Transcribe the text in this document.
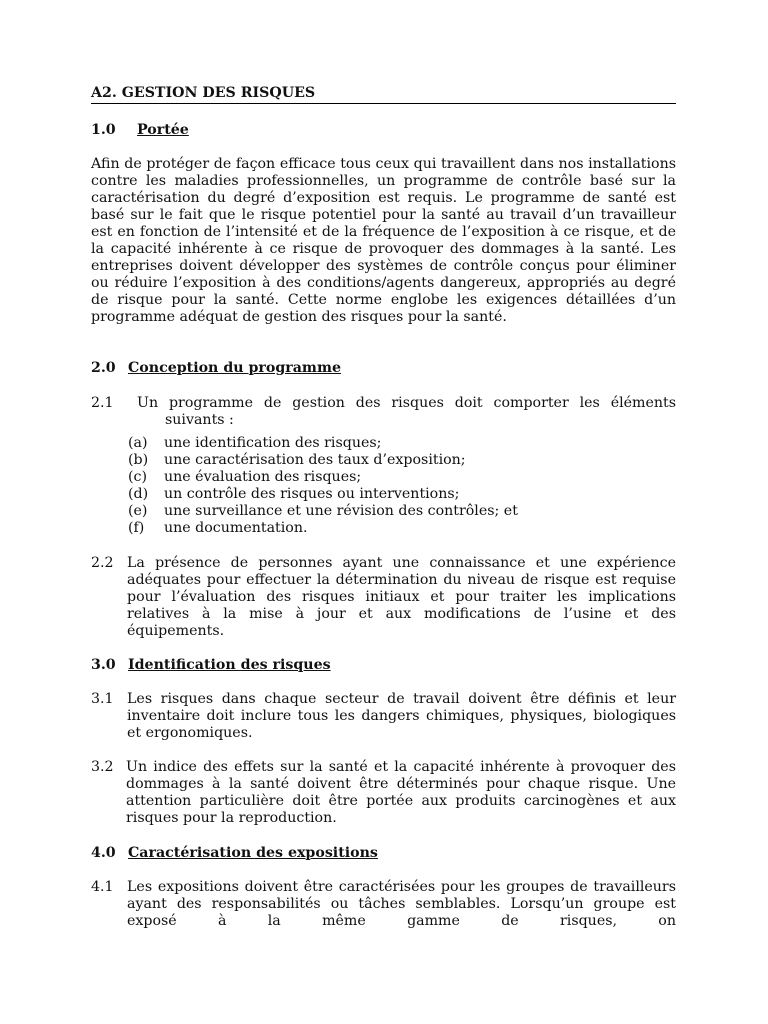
A2. GESTION DES RISQUES
1.0 Portée
Afin de protéger de façon efficace tous ceux qui travaillent dans nos installations contre les maladies professionnelles, un programme de contrôle basé sur la caractérisation du degré d’exposition est requis. Le programme de santé est basé sur le fait que le risque potentiel pour la santé au travail d’un travailleur est en fonction de l’intensité et de la fréquence de l’exposition à ce risque, et de la capacité inhérente à ce risque de provoquer des dommages à la santé. Les entreprises doivent développer des systèmes de contrôle conçus pour éliminer ou réduire l’exposition à des conditions/agents dangereux, appropriés au degré de risque pour la santé. Cette norme englobe les exigences détaillées d’un programme adéquat de gestion des risques pour la santé.
2.0 Conception du programme
2.1 Un programme de gestion des risques doit comporter les éléments suivants :
(a) une identification des risques;
(b) une caractérisation des taux d’exposition;
(c) une évaluation des risques;
(d) un contrôle des risques ou interventions;
(e) une surveillance et une révision des contrôles; et
(f) une documentation.
2.2 La présence de personnes ayant une connaissance et une expérience adéquates pour effectuer la détermination du niveau de risque est requise pour l’évaluation des risques initiaux et pour traiter les implications relatives à la mise à jour et aux modifications de l’usine et des équipements.
3.0 Identification des risques
3.1 Les risques dans chaque secteur de travail doivent être définis et leur inventaire doit inclure tous les dangers chimiques, physiques, biologiques et ergonomiques.
3.2 Un indice des effets sur la santé et la capacité inhérente à provoquer des dommages à la santé doivent être déterminés pour chaque risque. Une attention particulière doit être portée aux produits carcinogènes et aux risques pour la reproduction.
4.0 Caractérisation des expositions
4.1 Les expositions doivent être caractérisées pour les groupes de travailleurs ayant des responsabilités ou tâches semblables. Lorsqu’un groupe est exposé à la même gamme de risques, on
